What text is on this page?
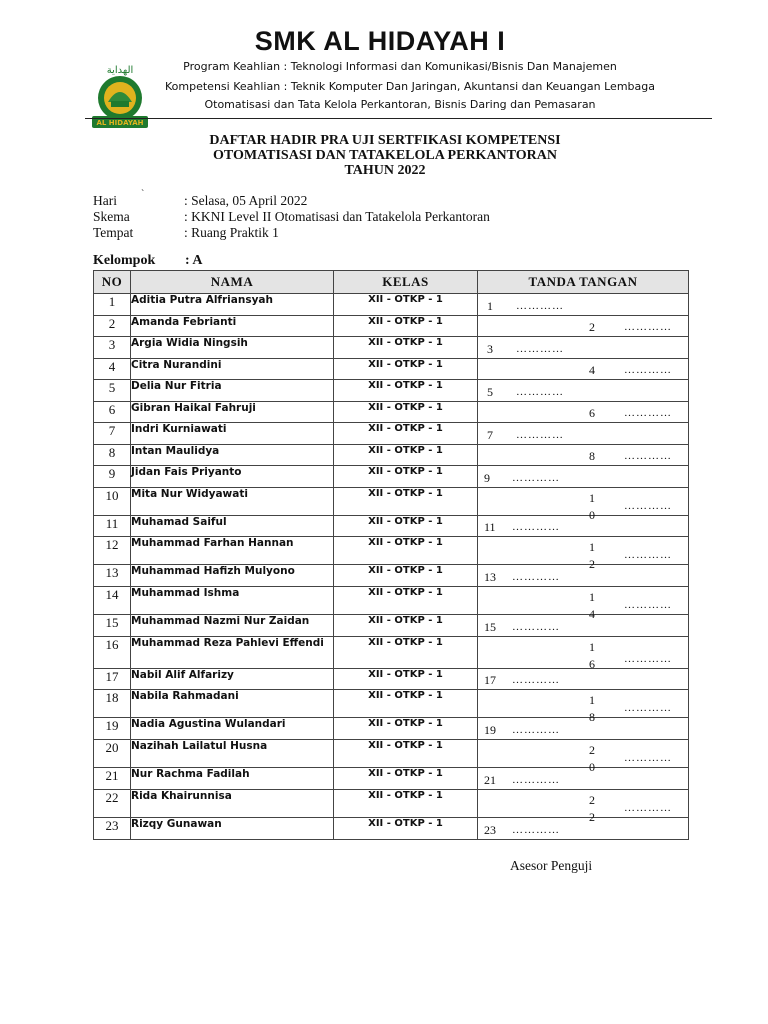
الهداية
AL HIDAYAH
SMK AL HIDAYAH I
Program Keahlian : Teknologi Informasi dan Komunikasi/Bisnis Dan Manajemen
Kompetensi Keahlian : Teknik Komputer Dan Jaringan, Akuntansi dan Keuangan Lembaga
Otomatisasi dan Tata Kelola Perkantoran, Bisnis Daring dan Pemasaran
DAFTAR HADIR PRA UJI SERTFIKASI KOMPETENSI
OTOMATISASI DAN TATAKELOLA PERKANTORAN
TAHUN 2022
Hari `	: Selasa, 05 April 2022
Skema	: KKNI Level II Otomatisasi dan Tatakelola Perkantoran
Tempat	: Ruang Praktik 1
Kelompok : A
NO	NAMA	KELAS	TANDA TANGAN
1	Aditia Putra Alfriansyah	XII - OTKP - 1	1 …………

2	Amanda Febrianti	XII - OTKP - 1	2 …………

3	Argia Widia Ningsih	XII - OTKP - 1	3 …………

4	Citra Nurandini	XII - OTKP - 1	4 …………

5	Delia Nur Fitria	XII - OTKP - 1	5 …………

6	Gibran Haikal Fahruji	XII - OTKP - 1	6 …………

7	Indri Kurniawati	XII - OTKP - 1	7 …………

8	Intan Maulidya	XII - OTKP - 1	8 …………

9	Jidan Fais Priyanto	XII - OTKP - 1	9 …………

10	Mita Nur Widyawati	XII - OTKP - 1	10
…………

11	Muhamad Saiful	XII - OTKP - 1	11 …………

12	Muhammad Farhan Hannan	XII - OTKP - 1	12
…………

13	Muhammad Hafizh Mulyono	XII - OTKP - 1	13 …………

14	Muhammad Ishma	XII - OTKP - 1	14
…………

15	Muhammad Nazmi Nur Zaidan	XII - OTKP - 1	15 …………

16	Muhammad Reza Pahlevi Effendi	XII - OTKP - 1	16 …………

17	Nabil Alif Alfarizy	XII - OTKP - 1	17 …………

18	Nabila Rahmadani	XII - OTKP - 1	18
…………

19	Nadia Agustina Wulandari	XII - OTKP - 1	19 …………

20	Nazihah Lailatul Husna	XII - OTKP - 1	20
…………

21	Nur Rachma Fadilah	XII - OTKP - 1	21 …………

22	Rida Khairunnisa	XII - OTKP - 1	22
…………

23	Rizqy Gunawan	XII - OTKP - 1	23 …………
Asesor Penguji
